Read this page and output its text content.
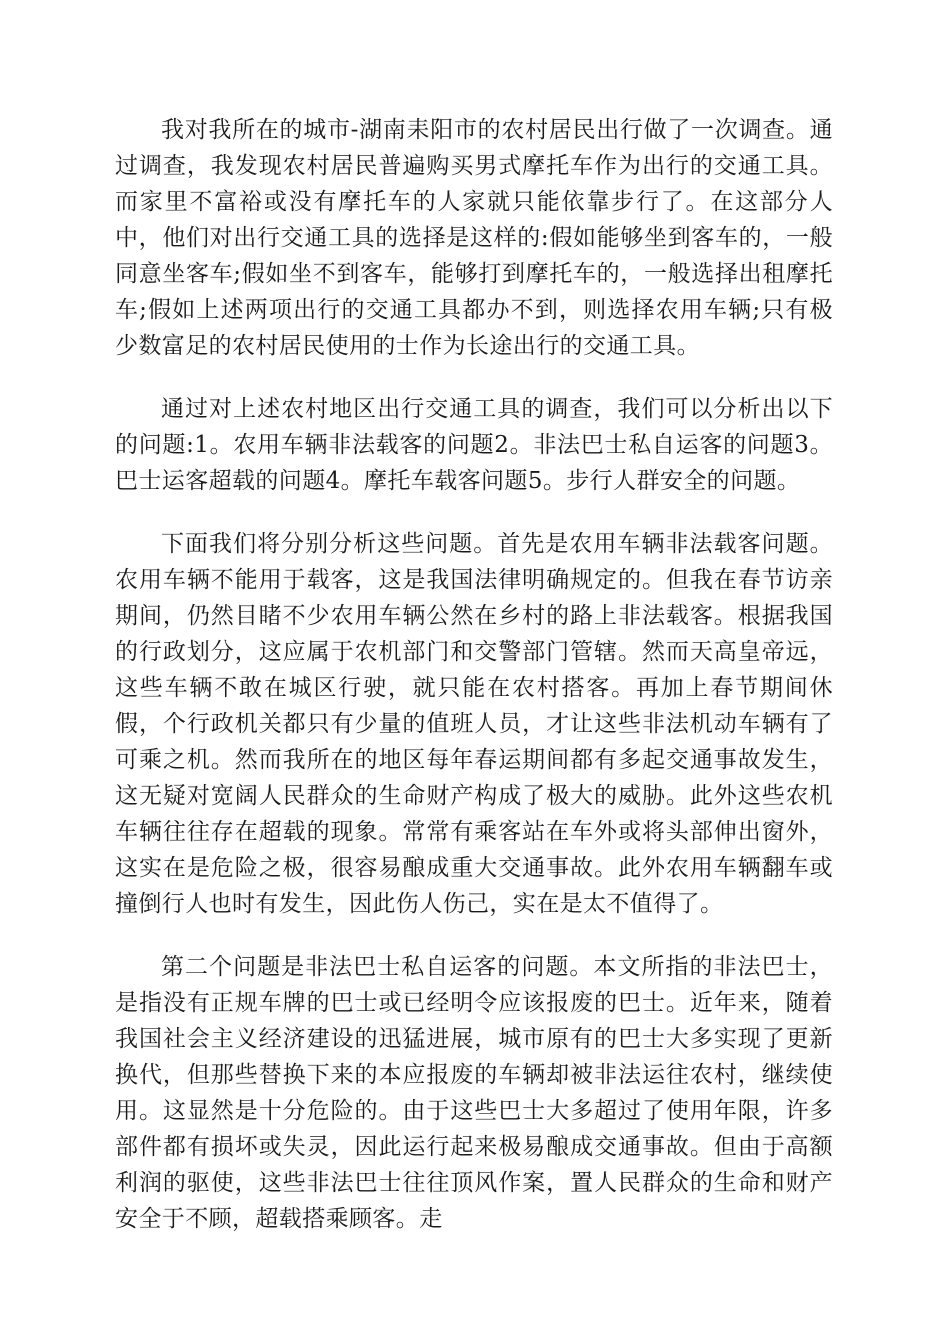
我对我所在的城市-湖南耒阳市的农村居民出行做了一次调查。通过调查，我发现农村居民普遍购买男式摩托车作为出行的交通工具。而家里不富裕或没有摩托车的人家就只能依靠步行了。在这部分人中，他们对出行交通工具的选择是这样的:假如能够坐到客车的，一般同意坐客车;假如坐不到客车，能够打到摩托车的，一般选择出租摩托车;假如上述两项出行的交通工具都办不到，则选择农用车辆;只有极少数富足的农村居民使用的士作为长途出行的交通工具。

通过对上述农村地区出行交通工具的调查，我们可以分析出以下的问题:1。农用车辆非法载客的问题2。非法巴士私自运客的问题3。巴士运客超载的问题4。摩托车载客问题5。步行人群安全的问题。

下面我们将分别分析这些问题。首先是农用车辆非法载客问题。农用车辆不能用于载客，这是我国法律明确规定的。但我在春节访亲期间，仍然目睹不少农用车辆公然在乡村的路上非法载客。根据我国的行政划分，这应属于农机部门和交警部门管辖。然而天高皇帝远，这些车辆不敢在城区行驶，就只能在农村搭客。再加上春节期间休假，个行政机关都只有少量的值班人员，才让这些非法机动车辆有了可乘之机。然而我所在的地区每年春运期间都有多起交通事故发生，这无疑对宽阔人民群众的生命财产构成了极大的威胁。此外这些农机车辆往往存在超载的现象。常常有乘客站在车外或将头部伸出窗外，这实在是危险之极，很容易酿成重大交通事故。此外农用车辆翻车或撞倒行人也时有发生，因此伤人伤己，实在是太不值得了。

第二个问题是非法巴士私自运客的问题。本文所指的非法巴士，是指没有正规车牌的巴士或已经明令应该报废的巴士。近年来，随着我国社会主义经济建设的迅猛进展，城市原有的巴士大多实现了更新换代，但那些替换下来的本应报废的车辆却被非法运往农村，继续使用。这显然是十分危险的。由于这些巴士大多超过了使用年限，许多部件都有损坏或失灵，因此运行起来极易酿成交通事故。但由于高额利润的驱使，这些非法巴士往往顶风作案，置人民群众的生命和财产安全于不顾，超载搭乘顾客。走
